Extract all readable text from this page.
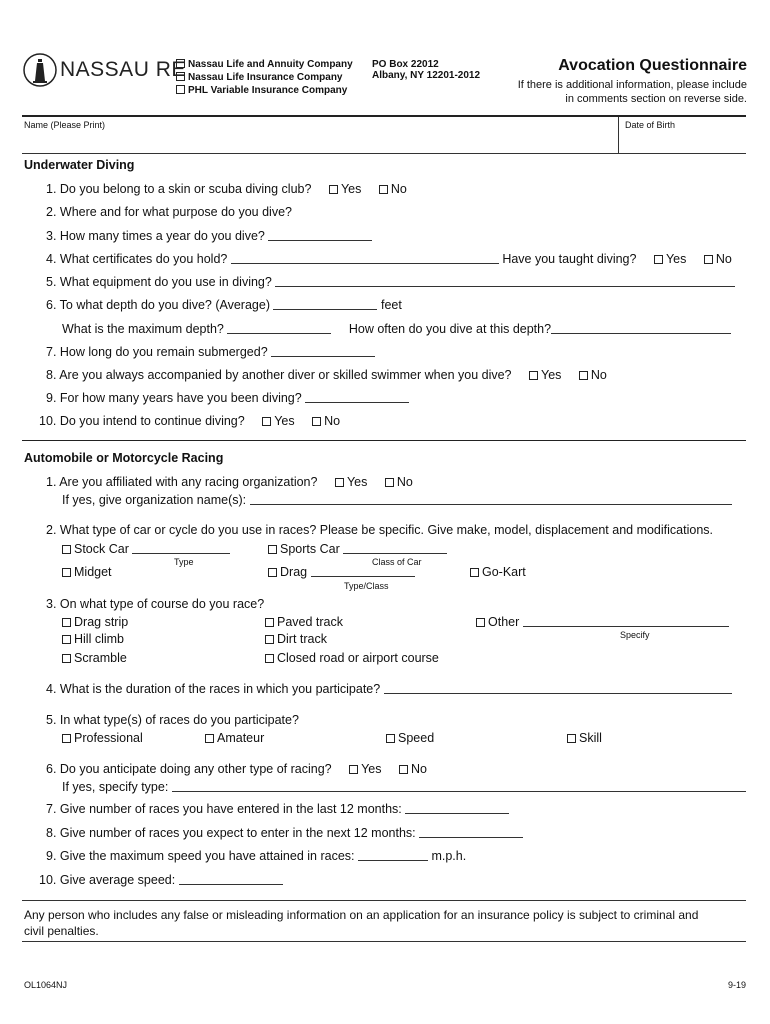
NASSAU RE Nassau Life and Annuity Company
Nassau Life Insurance Company
PHL Variable Insurance Company
PO Box 22012
Albany, NY 12201-2012
Avocation Questionnaire
If there is additional information, please include
in comments section on reverse side.
Name (Please Print)	Date of Birth
Underwater Diving
1. Do you belong to a skin or scuba diving club? Yes No
2. Where and for what purpose do you dive?
3. How many times a year do you dive?
4. What certificates do you hold?	Have you taught diving? Yes No
5. What equipment do you use in diving?
6. To what depth do you dive? (Average)	feet
What is the maximum depth?	How often do you dive at this depth?
7. How long do you remain submerged?
8. Are you always accompanied by another diver or skilled swimmer when you dive? Yes No
9. For how many years have you been diving?
10. Do you intend to continue diving? Yes No
Automobile or Motorcycle Racing
1. Are you affiliated with any racing organization? Yes No
If yes, give organization name(s):
2. What type of car or cycle do you use in races? Please be specific. Give make, model, displacement and modifications.
Stock Car	Sports Car
Type	Class of Car
Midget	Drag	Go-Kart
Type/Class
3. On what type of course do you race?
Drag strip	Paved track	Other
Specify
Hill climb	Dirt track
Scramble	Closed road or airport course
4. What is the duration of the races in which you participate?
5. In what type(s) of races do you participate?
Professional	Amateur	Speed	Skill
6. Do you anticipate doing any other type of racing? Yes No
If yes, specify type:
7. Give number of races you have entered in the last 12 months:
8. Give number of races you expect to enter in the next 12 months:
9. Give the maximum speed you have attained in races:	m.p.h.
10. Give average speed:
Any person who includes any false or misleading information on an application for an insurance policy is subject to criminal and
civil penalties.
OL1064NJ	9-19
